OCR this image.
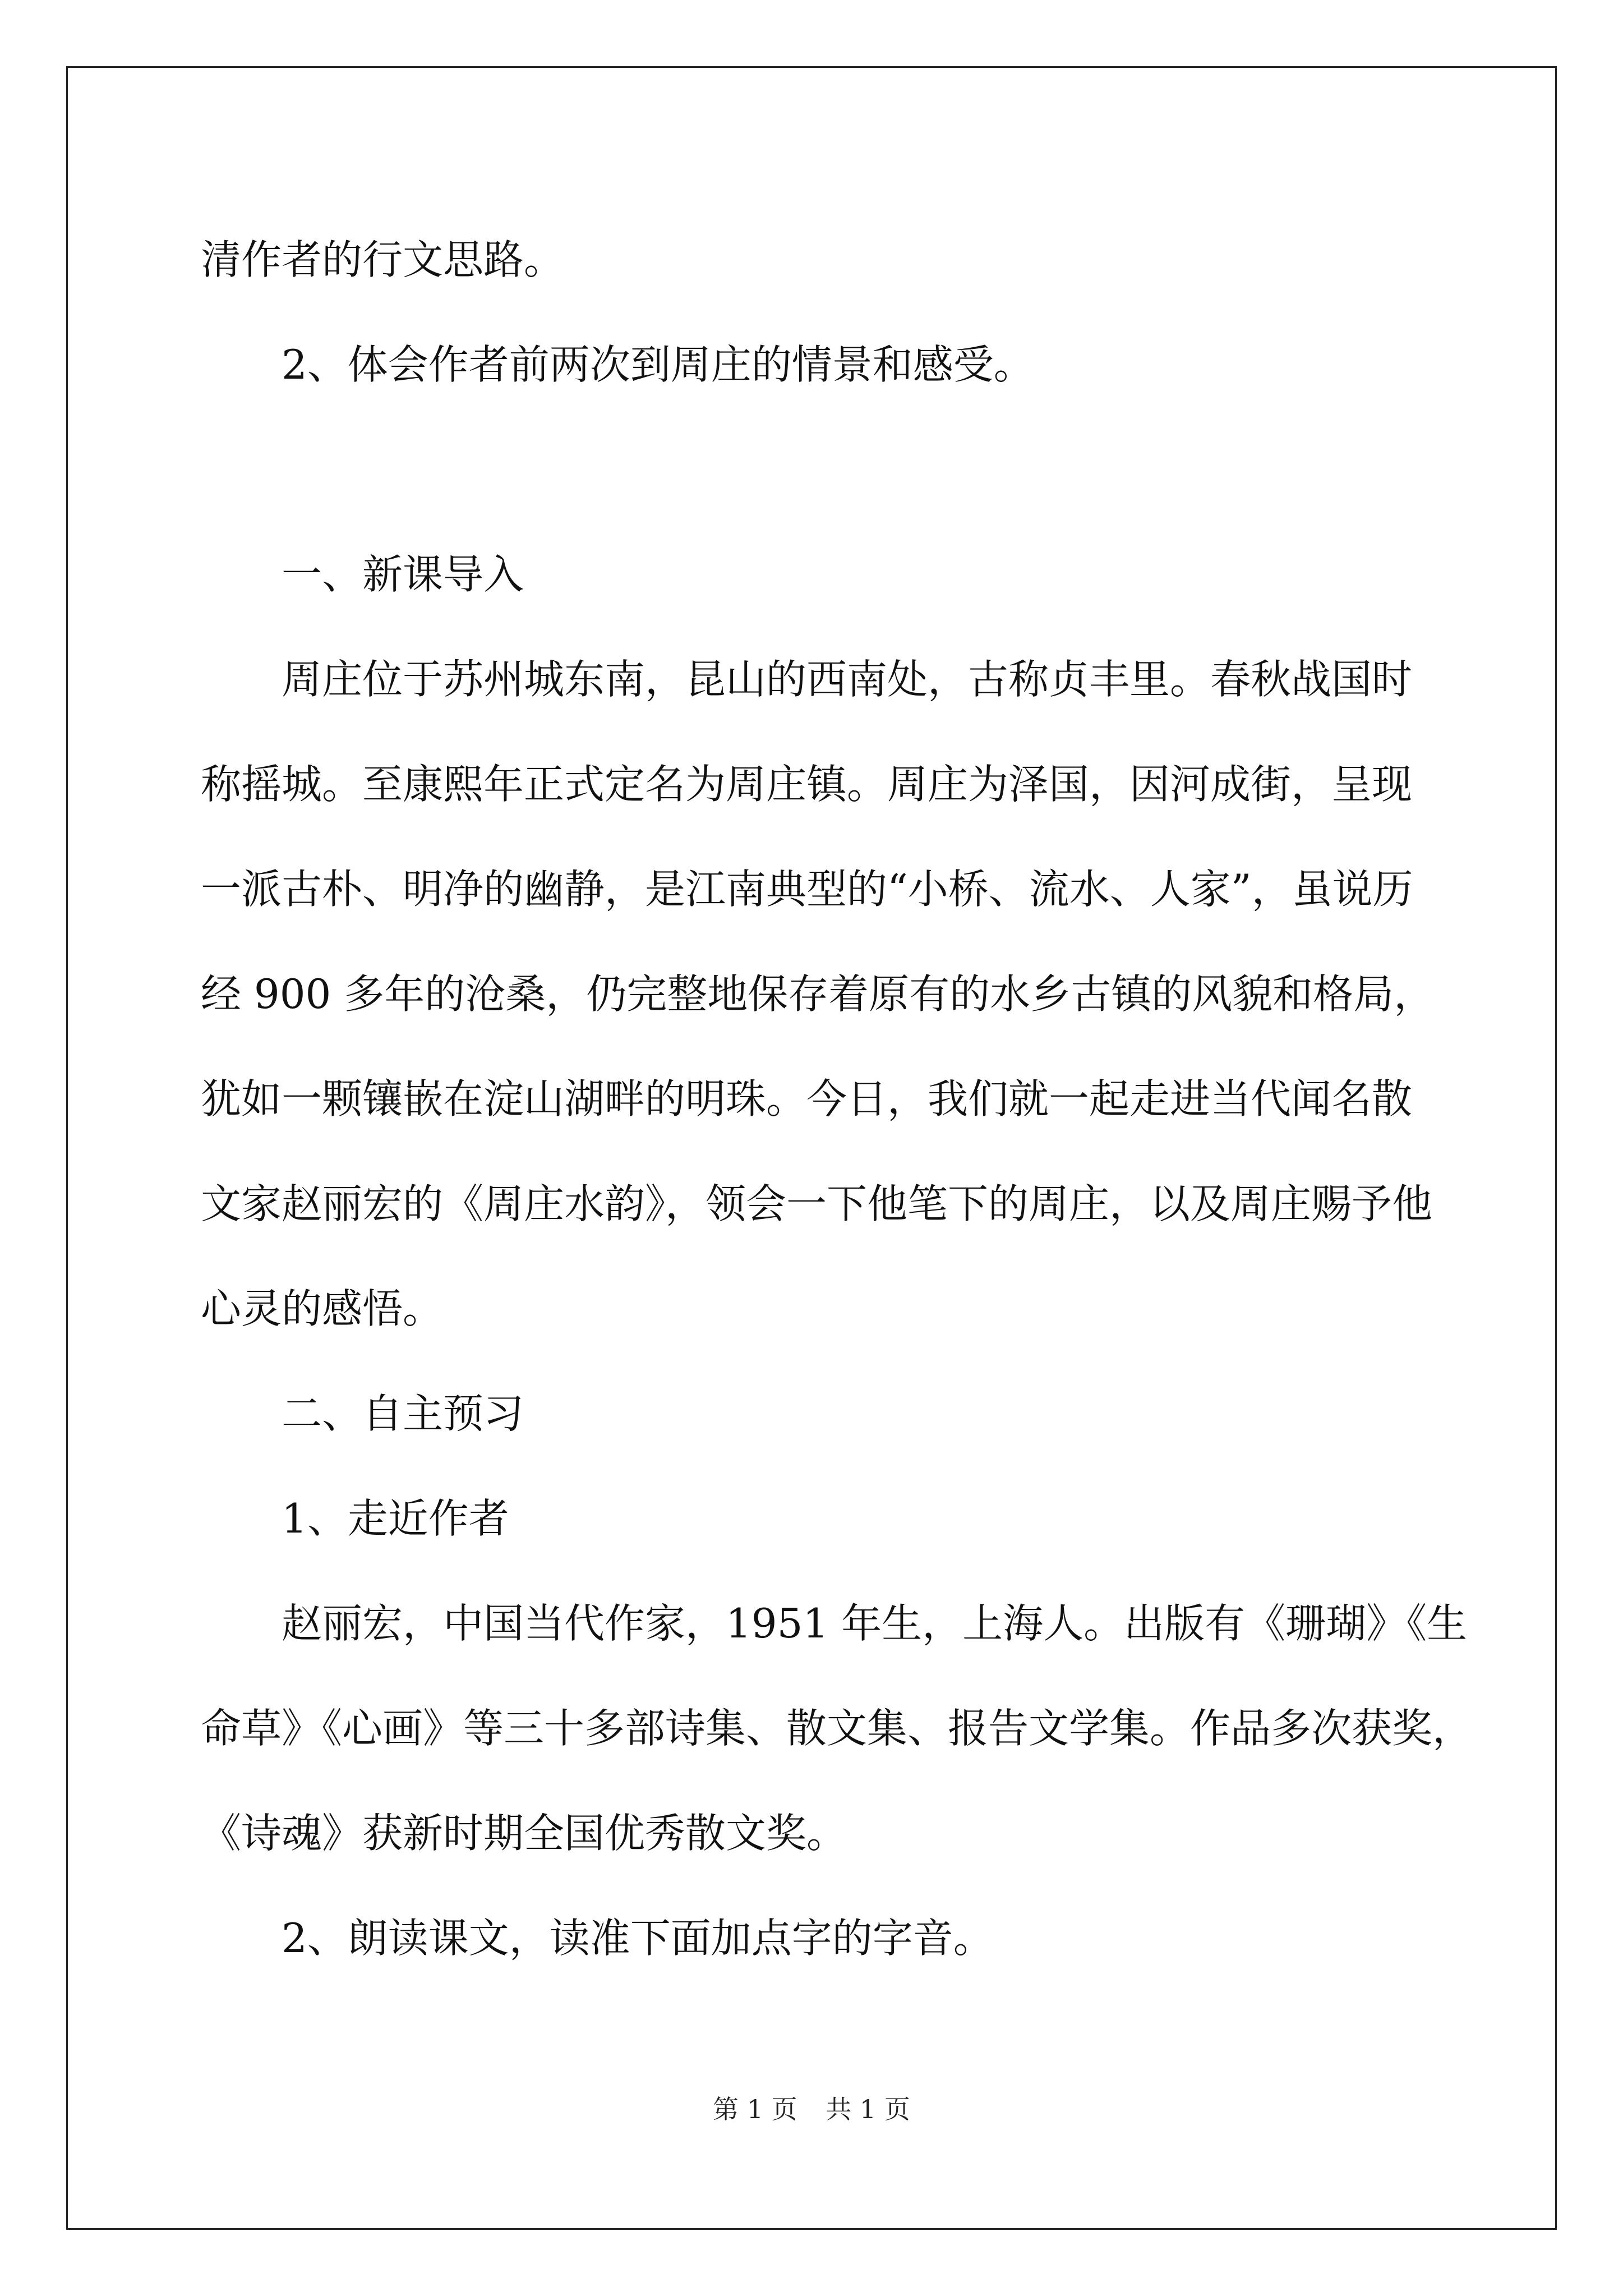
清作者的行文思路。
2、体会作者前两次到周庄的情景和感受。
一、新课导入
周庄位于苏州城东南，昆山的西南处，古称贞丰里。春秋战国时
称摇城。至康熙年正式定名为周庄镇。周庄为泽国，因河成街，呈现
一派古朴、明净的幽静，是江南典型的“小桥、流水、人家”，虽说历
经 900 多年的沧桑，仍完整地保存着原有的水乡古镇的风貌和格局，
犹如一颗镶嵌在淀山湖畔的明珠。今日，我们就一起走进当代闻名散
文家赵丽宏的《周庄水韵》，领会一下他笔下的周庄，以及周庄赐予他
心灵的感悟。
二、自主预习
1、走近作者
赵丽宏，中国当代作家，1951 年生，上海人。出版有《珊瑚》《生
命草》《心画》等三十多部诗集、散文集、报告文学集。作品多次获奖，
《诗魂》获新时期全国优秀散文奖。
2、朗读课文，读准下面加点字的字音。
第 1 页 共 1 页
